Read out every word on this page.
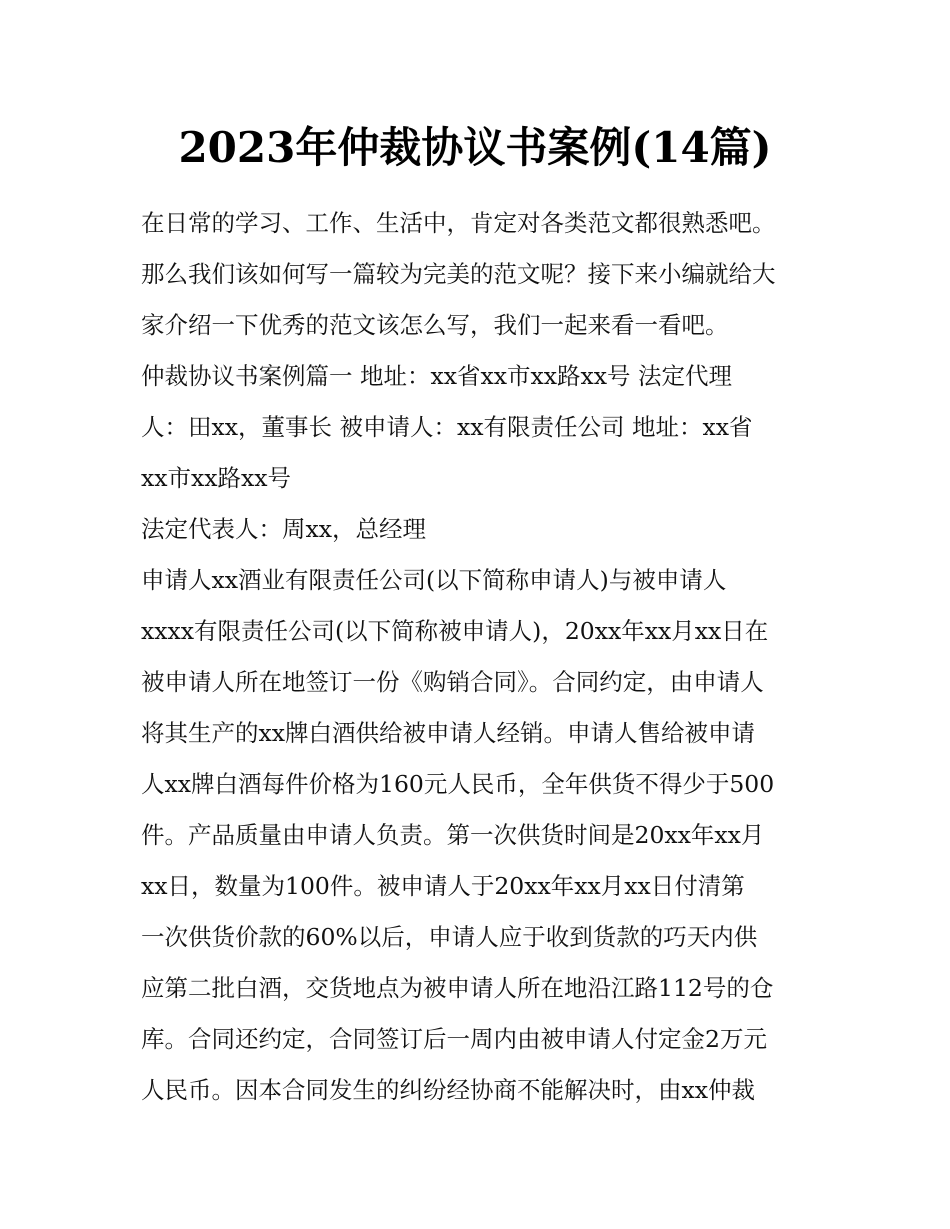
2023年仲裁协议书案例(14篇)

在日常的学习、工作、生活中，肯定对各类范文都很熟悉吧。

那么我们该如何写一篇较为完美的范文呢？接下来小编就给大

家介绍一下优秀的范文该怎么写，我们一起来看一看吧。

仲裁协议书案例篇一 地址：xx省xx市xx路xx号 法定代理

人：田xx，董事长 被申请人：xx有限责任公司 地址：xx省

xx市xx路xx号

法定代表人：周xx，总经理

申请人xx酒业有限责任公司(以下简称申请人)与被申请人

xxxx有限责任公司(以下简称被申请人)，20xx年xx月xx日在

被申请人所在地签订一份《购销合同》。合同约定，由申请人

将其生产的xx牌白酒供给被申请人经销。申请人售给被申请

人xx牌白酒每件价格为160元人民币，全年供货不得少于500

件。产品质量由申请人负责。第一次供货时间是20xx年xx月

xx日，数量为100件。被申请人于20xx年xx月xx日付清第

一次供货价款的60%以后，申请人应于收到货款的巧天内供

应第二批白酒，交货地点为被申请人所在地沿江路112号的仓

库。合同还约定，合同签订后一周内由被申请人付定金2万元

人民币。因本合同发生的纠纷经协商不能解决时，由xx仲裁
